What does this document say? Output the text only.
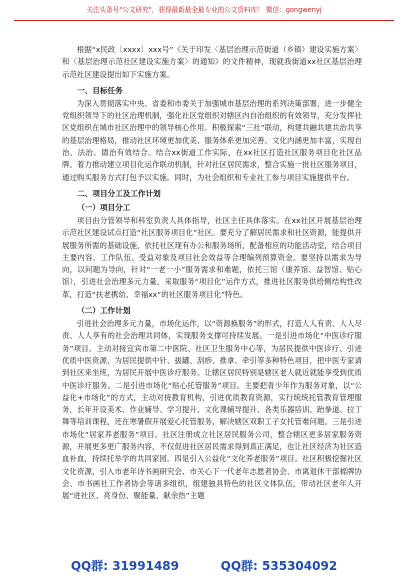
关注头条号"公文研究"，获得最新最全最专业的公文资料库！ 微信：gongwenyj

根据“x民政〔xxxx〕xxx号”《关于印发〈基层治理示范街道（乡镇）建设实施方案〉和〈基层治理示范社区建设实施方案〉的通知》的文件精神，现就我街道xx社区基层治理示范社区建设提出如下实施方案。

一、目标任务

为深入贯彻落实中央、省委和市委关于加强城市基层治理的系列决策部署，进一步健全党组织领导下的社区治理机制，强化社区党组织对辖区内自治组织的有效领导，充分发挥社区党组织在城市社区治理中的领导核心作用。积极探索“三社”联动，构建共融共建共治共享的基层治理格局，推动社区环境更加优美、服务体系更加完善、文化内涵更加丰富，实现自治、法治、德治有效结合。结合xx街道工作实际，在xx社区打造社区服务项目化社区品牌。着力推动建立项目化运作联动机制，针对社区居民需求，整合实施一批社区服务项目，通过购买服务方式打包予以实施。同时，为社会组织和专业社工参与项目实施提供平台。

二、项目分工及工作计划

（一）项目分工

项目由分管领导和科室负责人具体指导，社区主任具体落实。在xx社区开展基层治理示范社区建设试点打造“社区服务项目化”社区。要充分了解居民需求和社区资源，能提供开展服务所需的基础设施，依托社区现有办公和服务场所，配备相应的功能活动室，结合项目主要内容、工作队伍、受益对象及项目社会效益等合理编列预算资金。要坚持以需求为导向，以问题为导向，针对“一老一小”服务需求和难题，依托三馆（康养馆、益智馆、贴心馆），引进社会治理多元力量，采取服务“项目化”运作方式，推进社区服务供给侧结构性改革，打造“扶老携幼、幸福xx”的社区服务项目化”特色。

（二）工作计划

引进社会治理多元力量，市场化运作，以“资源换服务”的形式，打造人人有责、人人尽责、人人享有的社会治理共同体，实现服务支撑可持续发展。一是引进市场化“中医诊疗服务”项目。主动对接宜宾市第二中医院、社区卫生服务中心等，为居民提供中医诊疗、引进优质中医资源，为居民提供中针、拔罐、刮痧、推拿、牵引等多种特色项目，把中医专家请到社区来坐班，为居民开展中医诊疗服务。让辖区居民特别是辖区老人就近就能享受到优质中医诊疗服务。二是引进市场化“贴心托管服务”项目。主要把青少年作为服务对象，以“公益化+市场化”的方式，主动对接教育机构，引进优质教育资源，实行统统托管教育管理服务，长年开设美术、作业辅导、学习提升、文化课辅导提升、各类乐器培训、跆拳道、拉丁舞等培训课程，还在寒暑假开展爱心托管服务，解决辖区双职工子女托管难问题。三是引进市场化“居家养老服务”项目。社区注册成立社区居民服务公司，整合辖区更多居家服务资源，开展更多更广服务内容，不仅促进社区居民需求得到真正满足，也让社区经济为社区造血补血，持续托举学的共同家园。四是引入公益化“文化养老服务”项目。社区积极挖掘社区文化资源，引入市老年诗书画研究会、市关心下一代老年志愿者协会、市离退休干部棉牌协会、市书画社工作者协会等诸多组织，组建独具特色的社区文体队伍，带动社区老年人开展“进社区、亮身份、聚能量、献余热”主题

QQ群: 31991489	QQ群: 535304092
